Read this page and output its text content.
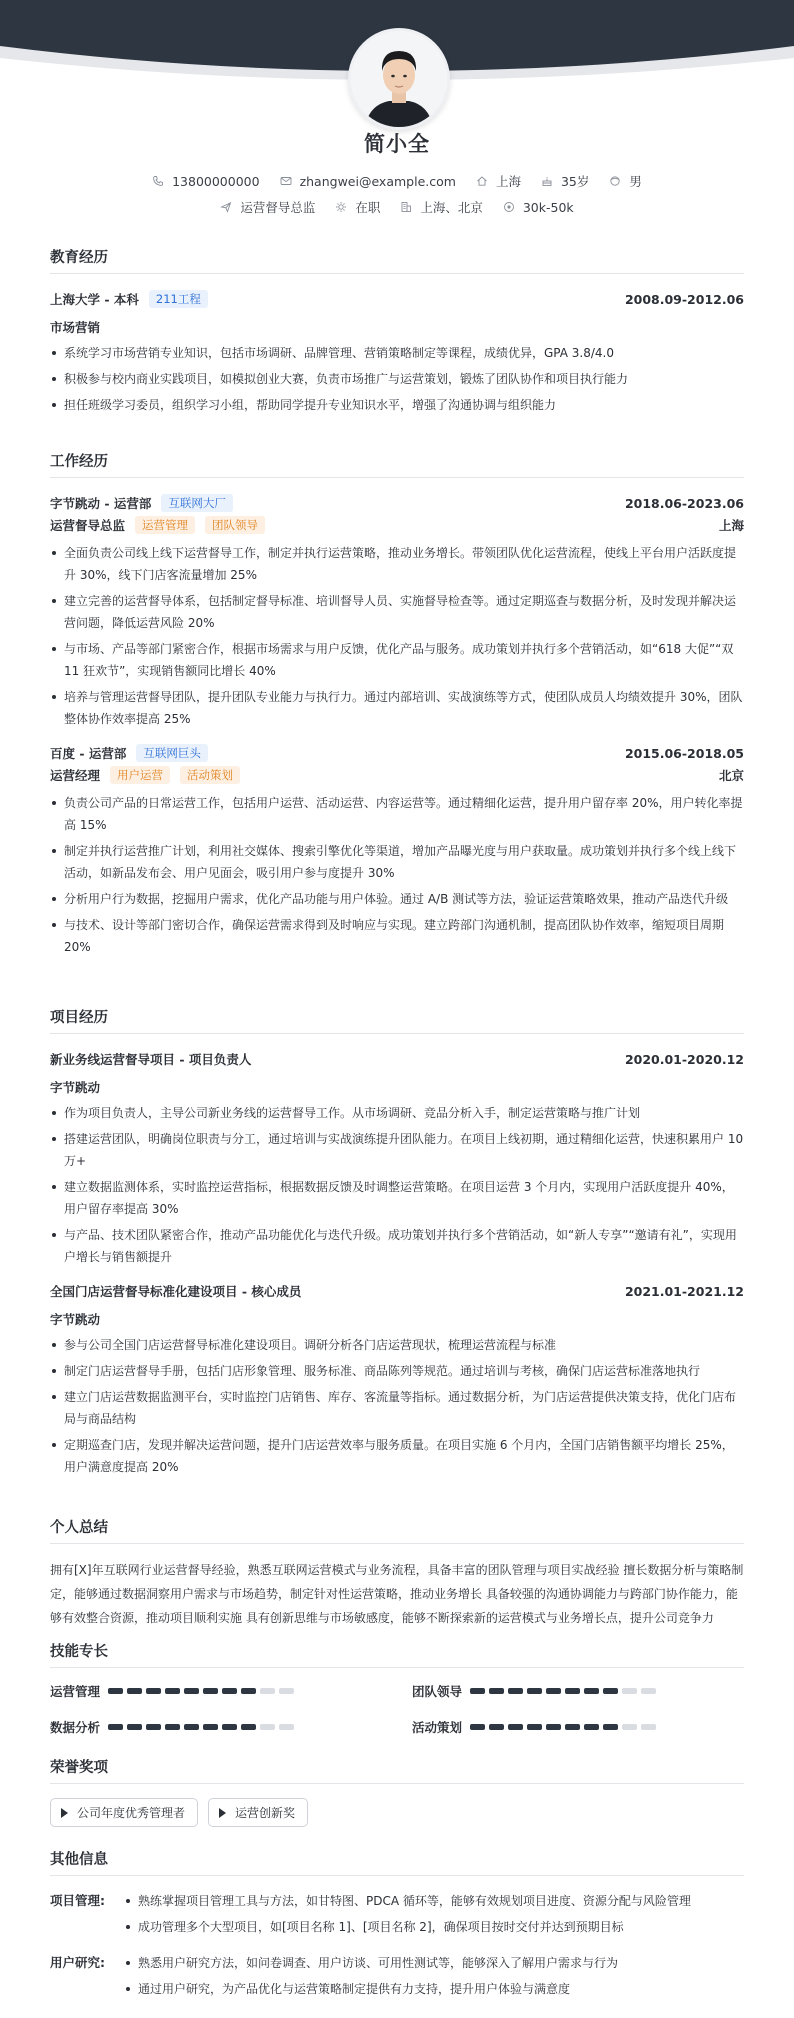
简小全
13800000000	zhangwei@example.com	上海	35岁	男
运营督导总监	在职	上海、北京	30k-50k
教育经历
上海大学 - 本科	211工程	2008.09-2012.06
市场营销
系统学习市场营销专业知识，包括市场调研、品牌管理、营销策略制定等课程，成绩优异，GPA 3.8/4.0
积极参与校内商业实践项目，如模拟创业大赛，负责市场推广与运营策划，锻炼了团队协作和项目执行能力
担任班级学习委员，组织学习小组，帮助同学提升专业知识水平，增强了沟通协调与组织能力
工作经历
字节跳动 - 运营部	互联网大厂	2018.06-2023.06
运营督导总监	运营管理	团队领导	上海
全面负责公司线上线下运营督导工作，制定并执行运营策略，推动业务增长。带领团队优化运营流程，使线上平台用户活跃度提升 30%，线下门店客流量增加 25%
建立完善的运营督导体系，包括制定督导标准、培训督导人员、实施督导检查等。通过定期巡查与数据分析，及时发现并解决运营问题，降低运营风险 20%
与市场、产品等部门紧密合作，根据市场需求与用户反馈，优化产品与服务。成功策划并执行多个营销活动，如“618 大促”“双 11 狂欢节”，实现销售额同比增长 40%
培养与管理运营督导团队，提升团队专业能力与执行力。通过内部培训、实战演练等方式，使团队成员人均绩效提升 30%，团队整体协作效率提高 25%
百度 - 运营部	互联网巨头	2015.06-2018.05
运营经理	用户运营	活动策划	北京
负责公司产品的日常运营工作，包括用户运营、活动运营、内容运营等。通过精细化运营，提升用户留存率 20%，用户转化率提高 15%
制定并执行运营推广计划，利用社交媒体、搜索引擎优化等渠道，增加产品曝光度与用户获取量。成功策划并执行多个线上线下活动，如新品发布会、用户见面会，吸引用户参与度提升 30%
分析用户行为数据，挖掘用户需求，优化产品功能与用户体验。通过 A/B 测试等方法，验证运营策略效果，推动产品迭代升级
与技术、设计等部门密切合作，确保运营需求得到及时响应与实现。建立跨部门沟通机制，提高团队协作效率，缩短项目周期 20%
项目经历
新业务线运营督导项目 - 项目负责人	2020.01-2020.12
字节跳动
作为项目负责人，主导公司新业务线的运营督导工作。从市场调研、竞品分析入手，制定运营策略与推广计划
搭建运营团队，明确岗位职责与分工，通过培训与实战演练提升团队能力。在项目上线初期，通过精细化运营，快速积累用户 10 万+
建立数据监测体系，实时监控运营指标，根据数据反馈及时调整运营策略。在项目运营 3 个月内，实现用户活跃度提升 40%，用户留存率提高 30%
与产品、技术团队紧密合作，推动产品功能优化与迭代升级。成功策划并执行多个营销活动，如“新人专享”“邀请有礼”，实现用户增长与销售额提升
全国门店运营督导标准化建设项目 - 核心成员	2021.01-2021.12
字节跳动
参与公司全国门店运营督导标准化建设项目。调研分析各门店运营现状，梳理运营流程与标准
制定门店运营督导手册，包括门店形象管理、服务标准、商品陈列等规范。通过培训与考核，确保门店运营标准落地执行
建立门店运营数据监测平台，实时监控门店销售、库存、客流量等指标。通过数据分析，为门店运营提供决策支持，优化门店布局与商品结构
定期巡查门店，发现并解决运营问题，提升门店运营效率与服务质量。在项目实施 6 个月内，全国门店销售额平均增长 25%，用户满意度提高 20%
个人总结
拥有[X]年互联网行业运营督导经验，熟悉互联网运营模式与业务流程，具备丰富的团队管理与项目实战经验 擅长数据分析与策略制定，能够通过数据洞察用户需求与市场趋势，制定针对性运营策略，推动业务增长 具备较强的沟通协调能力与跨部门协作能力，能够有效整合资源，推动项目顺利实施 具有创新思维与市场敏感度，能够不断探索新的运营模式与业务增长点，提升公司竞争力
技能专长
运营管理	团队领导
数据分析	活动策划
荣誉奖项
公司年度优秀管理者	运营创新奖
其他信息
项目管理:	熟练掌握项目管理工具与方法，如甘特图、PDCA 循环等，能够有效规划项目进度、资源分配与风险管理
成功管理多个大型项目，如[项目名称 1]、[项目名称 2]，确保项目按时交付并达到预期目标
用户研究:	熟悉用户研究方法，如问卷调查、用户访谈、可用性测试等，能够深入了解用户需求与行为
通过用户研究，为产品优化与运营策略制定提供有力支持，提升用户体验与满意度
